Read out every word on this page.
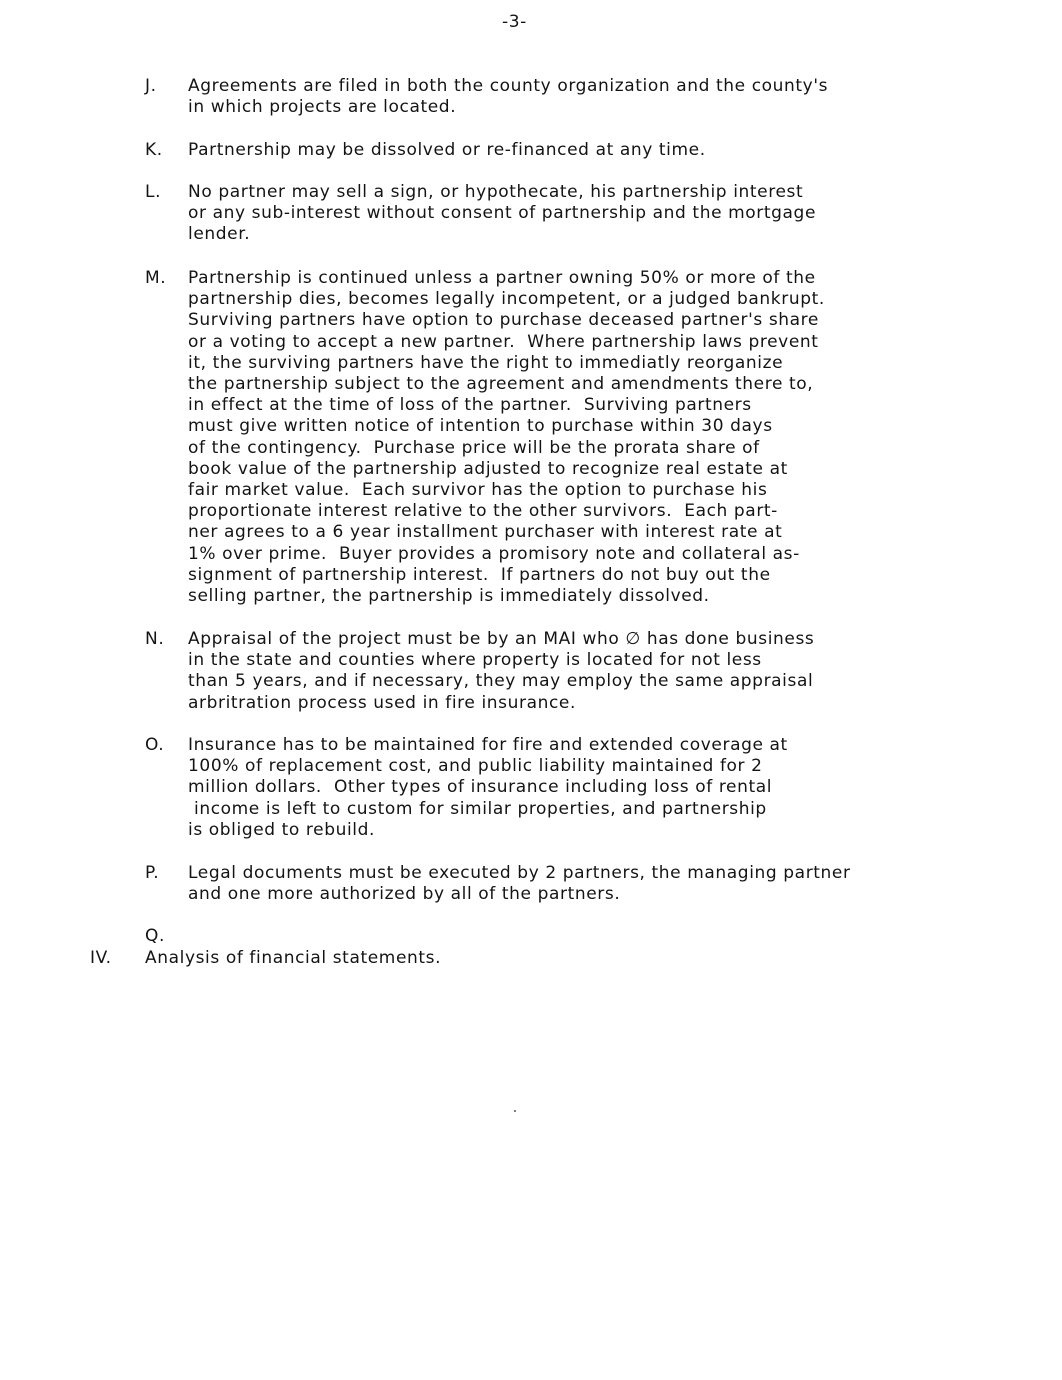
-3-
J. Agreements are filed in both the county organization and the county's
in which projects are located.
K. Partnership may be dissolved or re-financed at any time.
L. No partner may sell a sign, or hypothecate, his partnership interest
or any sub-interest without consent of partnership and the mortgage
lender.
M. Partnership is continued unless a partner owning 50% or more of the
partnership dies, becomes legally incompetent, or a judged bankrupt.
Surviving partners have option to purchase deceased partner's share
or a voting to accept a new partner.  Where partnership laws prevent
it, the surviving partners have the right to immediatly reorganize
the partnership subject to the agreement and amendments there to,
in effect at the time of loss of the partner.  Surviving partners
must give written notice of intention to purchase within 30 days
of the contingency.  Purchase price will be the prorata share of
book value of the partnership adjusted to recognize real estate at
fair market value.  Each survivor has the option to purchase his
proportionate interest relative to the other survivors.  Each part-
ner agrees to a 6 year installment purchaser with interest rate at
1% over prime.  Buyer provides a promisory note and collateral as-
signment of partnership interest.  If partners do not buy out the
selling partner, the partnership is immediately dissolved.
N. Appraisal of the project must be by an MAI who ∅ has done business
in the state and counties where property is located for not less
than 5 years, and if necessary, they may employ the same appraisal
arbritration process used in fire insurance.
O. Insurance has to be maintained for fire and extended coverage at
100% of replacement cost, and public liability maintained for 2
million dollars.  Other types of insurance including loss of rental
income is left to custom for similar properties, and partnership
is obliged to rebuild.
P. Legal documents must be executed by 2 partners, the managing partner
and one more authorized by all of the partners.
Q.
IV. Analysis of financial statements.
